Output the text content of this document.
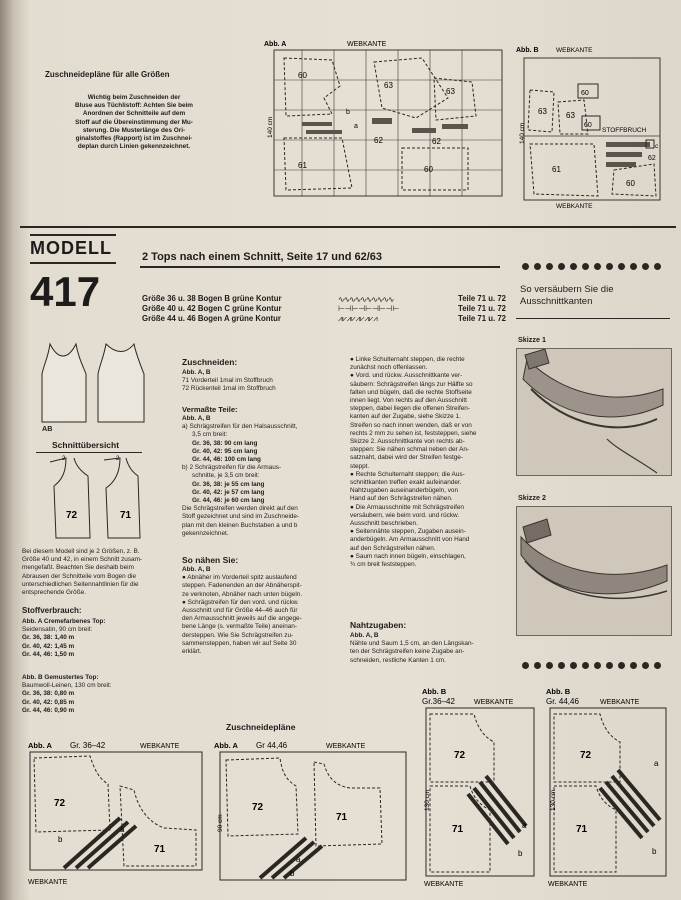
Zuschneidepläne für alle Größen
Wichtig beim Zuschneiden der
Bluse aus Tüchlistoff: Achten Sie beim
Anordnen der Schnitteile auf dem
Stoff auf die Übereinstimmung der Mu-
sterung. Die Musterlänge des Ori-
ginalstoffes (Rapport) ist im Zuschnei-
deplan durch Linien gekennzeichnet.
Abb. A	WEBKANTE
140 cm
60
63
63
62	62
61	60
b
a
Abb. B	WEBKANTE
STOFFBRUCH
63 63
60
60
62
61
60
c
140 cm
WEBKANTE
MODELL
417
2 Tops nach einem Schnitt, Seite 17 und 62/63
Größe 36 u. 38 Bogen B grüne Kontur	∿∿∿∿∿∿∿∿∿∿	Teile 71 u. 72
Größe 40 u. 42 Bogen C grüne Kontur	⊢⊣⊢⊣⊢⊣⊢⊣⊢	Teile 71 u. 72
Größe 44 u. 46 Bogen A grüne Kontur	⩘⩗⩘⩗⩘⩗⩘⩗⩘	Teile 71 u. 72
AB
Schnittübersicht
72	71
2	2
Bei diesem Modell sind je 2 Größen, z. B.
Größe 40 und 42, in einem Schnitt zusam-
mengefaßt. Beachten Sie deshalb beim
Abrausen der Schnitteile vom Bogen die
unterschiedlichen Seitennahtlinien für die
entsprechende Größe.
Stoffverbrauch:
Abb. A Cremefarbenes Top:
Seidensatin, 90 cm breit:
Gr. 36, 38: 1,40 m
Gr. 40, 42: 1,45 m
Gr. 44, 46: 1,50 m
Abb. B Gemustertes Top:
Baumwoll-Leinen, 130 cm breit:
Gr. 36, 38: 0,80 m
Gr. 40, 42: 0,85 m
Gr. 44, 46: 0,90 m
Zuschneiden:
Abb. A, B
71 Vorderteil 1mal im Stoffbruch
72 Rückenteil 1mal im Stoffbruch
Vermaßte Teile:
Abb. A, B
a) Schrägstreifen für den Halsausschnitt,
3,5 cm breit:
Gr. 36, 38: 90 cm lang
Gr. 40, 42: 95 cm lang
Gr. 44, 46: 100 cm lang
b) 2 Schrägstreifen für die Armaus-
schnitte, je 3,5 cm breit:
Gr. 36, 38: je 55 cm lang
Gr. 40, 42: je 57 cm lang
Gr. 44, 46: je 60 cm lang
Die Schrägstreifen werden direkt auf den
Stoff gezeichnet und sind im Zuschneide-
plan mit den kleinen Buchstaben a und b
gekennzeichnet.
So nähen Sie:
Abb. A, B
● Abnäher im Vorderteil spitz auslaufend
steppen. Fadenenden an der Abnäherspit-
ze verknoten, Abnäher nach unten bügeln.
● Schrägstreifen für den vord. und rückw.
Ausschnitt und für Größe 44–46 auch für
den Armausschnitt jeweils auf die angege-
bene Länge (s. vermaßte Teile) aneinan-
dersteppen. Wie Sie Schrägstreifen zu-
sammensteppen, haben wir auf Seite 30
erklärt.
● Linke Schulternaht steppen, die rechte
zunächst noch offenlassen.
● Vord. und rückw. Ausschnittkante ver-
säubern: Schrägstreifen längs zur Hälfte so
falten und bügeln, daß die rechte Stoffseite
innen liegt. Von rechts auf den Ausschnitt
steppen, dabei liegen die offenen Streifen-
kanten auf der Zugabe, siehe Skizze 1.
Streifen so nach innen wenden, daß er von
rechts 2 mm zu sehen ist, feststeppen, siehe
Skizze 2. Ausschnittkante von rechts ab-
steppen: Sie nähen schmal neben der An-
satznaht, dabei wird der Streifen festge-
steppt.
● Rechte Schulternaht steppen; die Aus-
schnittkanten treffen exakt aufeinander.
Nahtzugaben auseinanderbügeln, von
Hand auf den Schrägstreifen nähen.
● Die Armausschnitte mit Schrägstreifen
versäubern, wie beim vord. und rückw.
Ausschnitt beschrieben.
● Seitennähte steppen, Zugaben ausein-
anderbügeln. Am Armausschnitt von Hand
auf den Schrägstreifen nähen.
● Saum nach innen bügeln, einschlagen,
¾ cm breit feststeppen.
Nahtzugaben:
Abb. A, B
Nähte und Saum 1,5 cm, an den Längskan-
ten der Schrägstreifen keine Zugabe an-
schneiden, restliche Kanten 1 cm.
So versäubern Sie die
Ausschnittkanten
Skizze 1
Skizze 2
Zuschneidepläne
Abb. A Gr. 36–42	WEBKANTE
72
71
a
b
WEBKANTE
Abb. A Gr 44,46	WEBKANTE
72
71
a
b
90 cm
Abb. B
Gr.36–42	WEBKANTE
72
71	a
b
130 cm
WEBKANTE
Abb. B
Gr. 44,46	WEBKANTE
72
71
a
b
130 cm
WEBKANTE
